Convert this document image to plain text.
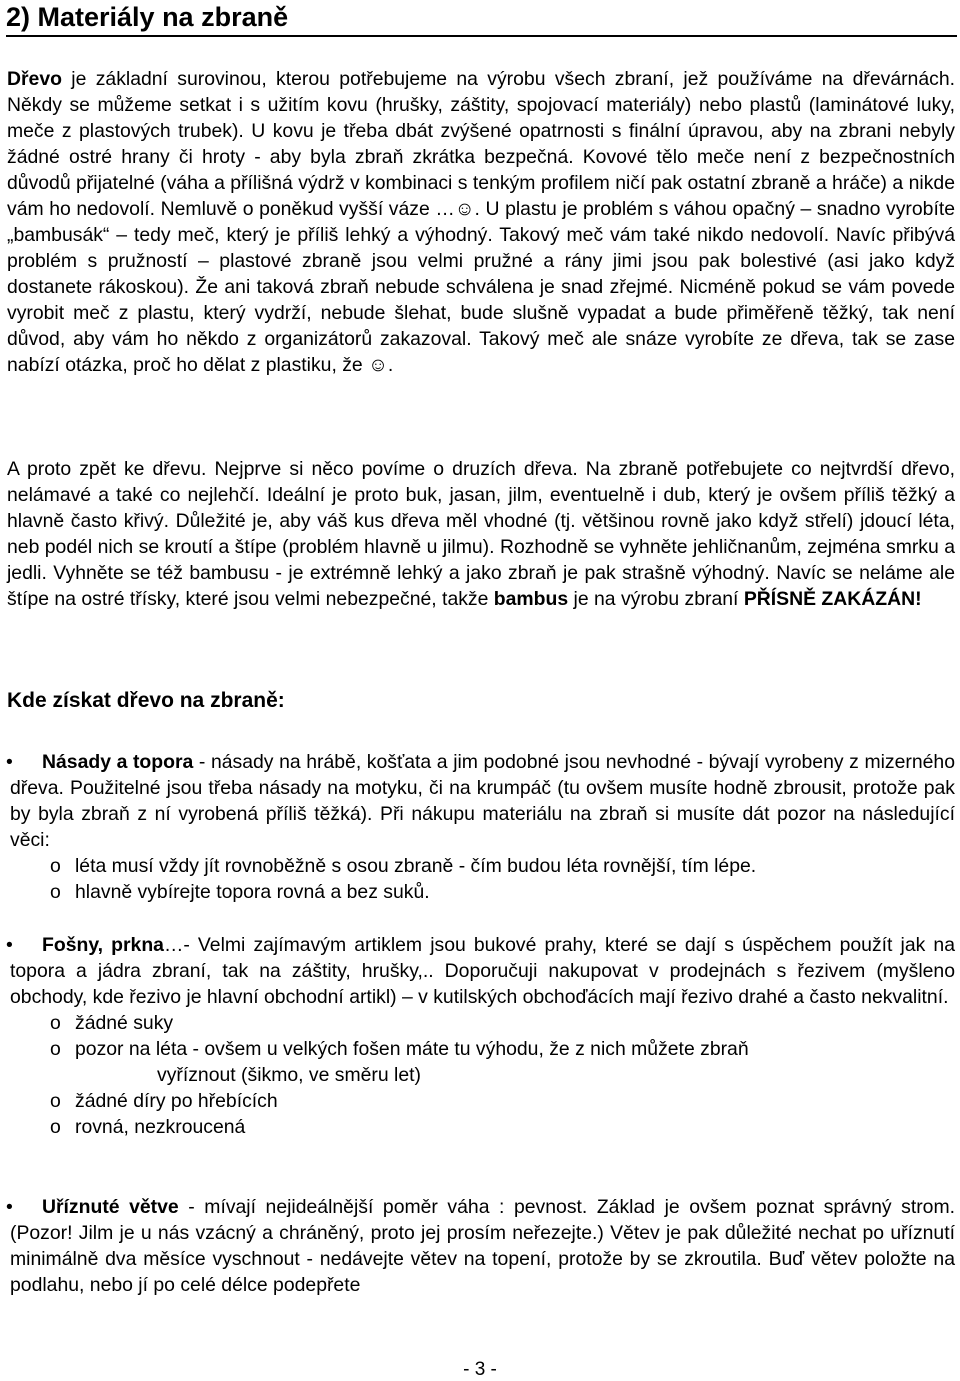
2) Materiály na zbraně

Dřevo je základní surovinou, kterou potřebujeme na výrobu všech zbraní, jež používáme na dřevárnách. Někdy se můžeme setkat i s užitím kovu (hrušky, záštity, spojovací materiály) nebo plastů (laminátové luky, meče z plastových trubek). U kovu je třeba dbát zvýšené opatrnosti s finální úpravou, aby na zbrani nebyly žádné ostré hrany či hroty - aby byla zbraň zkrátka bezpečná. Kovové tělo meče není z bezpečnostních důvodů přijatelné (váha a přílišná výdrž v kombinaci s tenkým profilem ničí pak ostatní zbraně a hráče) a nikde vám ho nedovolí. Nemluvě o poněkud vyšší váze …☺. U plastu je problém s váhou opačný – snadno vyrobíte „bambusák“ – tedy meč, který je příliš lehký a výhodný. Takový meč vám také nikdo nedovolí. Navíc přibývá problém s pružností – plastové zbraně jsou velmi pružné a rány jimi jsou pak bolestivé (asi jako když dostanete rákoskou). Že ani taková zbraň nebude schválena je snad zřejmé. Nicméně pokud se vám povede vyrobit meč z plastu, který vydrží, nebude šlehat, bude slušně vypadat a bude přiměřeně těžký, tak není důvod, aby vám ho někdo z organizátorů zakazoval. Takový meč ale snáze vyrobíte ze dřeva, tak se zase nabízí otázka, proč ho dělat z plastiku, že ☺.

A proto zpět ke dřevu. Nejprve si něco povíme o druzích dřeva. Na zbraně potřebujete co nejtvrdší dřevo, nelámavé a také co nejlehčí. Ideální je proto buk, jasan, jilm, eventuelně i dub, který je ovšem příliš těžký a hlavně často křivý. Důležité je, aby váš kus dřeva měl vhodné (tj. většinou rovně jako když střelí) jdoucí léta, neb podél nich se kroutí a štípe (problém hlavně u jilmu). Rozhodně se vyhněte jehličnanům, zejména smrku a jedli. Vyhněte se též bambusu - je extrémně lehký a jako zbraň je pak strašně výhodný. Navíc se neláme ale štípe na ostré třísky, které jsou velmi nebezpečné, takže bambus je na výrobu zbraní PŘÍSNĚ ZAKÁZÁN!

Kde získat dřevo na zbraně:
•	Násady a topora - násady na hrábě, košťata a jim podobné jsou nevhodné - bývají vyrobeny z mizerného dřeva. Použitelné jsou třeba násady na motyku, či na krumpáč (tu ovšem musíte hodně zbrousit, protože pak by byla zbraň z ní vyrobená příliš těžká). Při nákupu materiálu na zbraň si musíte dát pozor na následující věci:

o léta musí vždy jít rovnoběžně s osou zbraně - čím budou léta rovnější, tím lépe.
o hlavně vybírejte topora rovná a bez suků.
•	Fošny, prkna…- Velmi zajímavým artiklem jsou bukové prahy, které se dají s úspěchem použít jak na topora a jádra zbraní, tak na záštity, hrušky,.. Doporučuji nakupovat v prodejnách s řezivem (myšleno obchody, kde řezivo je hlavní obchodní artikl) – v kutilských obchoďácích mají řezivo drahé a často nekvalitní.

o žádné suky
o pozor na léta - ovšem u velkých fošen máte tu výhodu, že z nich můžete zbraň
vyříznout (šikmo, ve směru let)
o žádné díry po hřebících
o rovná, nezkroucená
•	Uříznuté větve - mívají nejideálnější poměr váha : pevnost. Základ je ovšem poznat správný strom. (Pozor! Jilm je u nás vzácný a chráněný, proto jej prosím neřezejte.) Větev je pak důležité nechat po uříznutí minimálně dva měsíce vyschnout - nedávejte větev na topení, protože by se zkroutila. Buď větev položte na podlahu, nebo jí po celé délce podepřete

- 3 -
